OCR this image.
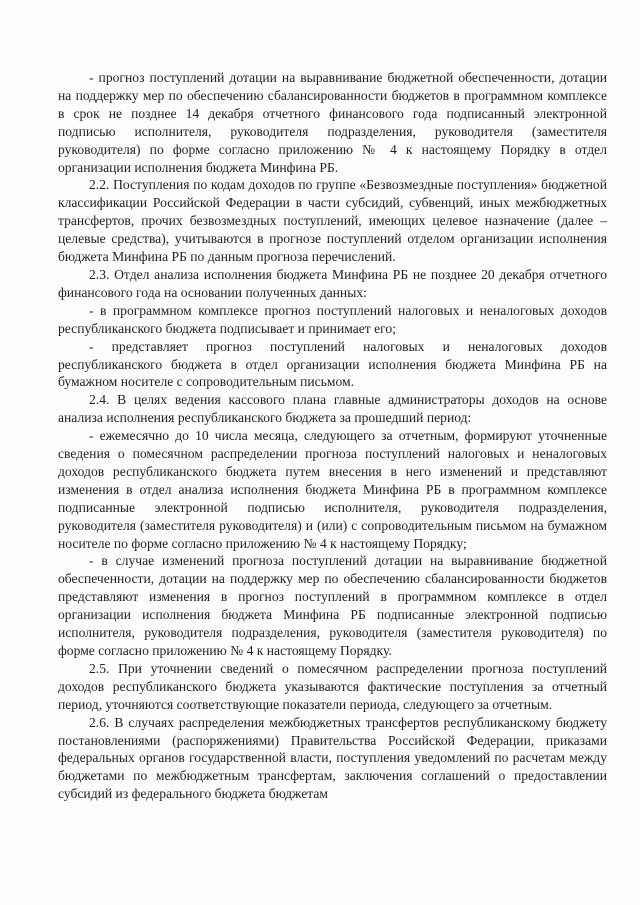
- прогноз поступлений дотации на выравнивание бюджетной обеспеченности, дотации на поддержку мер по обеспечению сбалансированности бюджетов в программном комплексе в срок не позднее 14 декабря отчетного финансового года подписанный электронной подписью исполнителя, руководителя подразделения, руководителя (заместителя руководителя) по форме согласно приложению № 4 к настоящему Порядку в отдел организации исполнения бюджета Минфина РБ.

2.2. Поступления по кодам доходов по группе «Безвозмездные поступления» бюджетной классификации Российской Федерации в части субсидий, субвенций, иных межбюджетных трансфертов, прочих безвозмездных поступлений, имеющих целевое назначение (далее – целевые средства), учитываются в прогнозе поступлений отделом организации исполнения бюджета Минфина РБ по данным прогноза перечислений.

2.3. Отдел анализа исполнения бюджета Минфина РБ не позднее 20 декабря отчетного финансового года на основании полученных данных:

- в программном комплексе прогноз поступлений налоговых и неналоговых доходов республиканского бюджета подписывает и принимает его;

- представляет прогноз поступлений налоговых и неналоговых доходов республиканского бюджета в отдел организации исполнения бюджета Минфина РБ на бумажном носителе с сопроводительным письмом.

2.4. В целях ведения кассового плана главные администраторы доходов на основе анализа исполнения республиканского бюджета за прошедший период:

- ежемесячно до 10 числа месяца, следующего за отчетным, формируют уточненные сведения о помесячном распределении прогноза поступлений налоговых и неналоговых доходов республиканского бюджета путем внесения в него изменений и представляют изменения в отдел анализа исполнения бюджета Минфина РБ в программном комплексе подписанные электронной подписью исполнителя, руководителя подразделения, руководителя (заместителя руководителя) и (или) с сопроводительным письмом на бумажном носителе по форме согласно приложению № 4 к настоящему Порядку;

- в случае изменений прогноза поступлений дотации на выравнивание бюджетной обеспеченности, дотации на поддержку мер по обеспечению сбалансированности бюджетов представляют изменения в прогноз поступлений в программном комплексе в отдел организации исполнения бюджета Минфина РБ подписанные электронной подписью исполнителя, руководителя подразделения, руководителя (заместителя руководителя) по форме согласно приложению № 4 к настоящему Порядку.

2.5. При уточнении сведений о помесячном распределении прогноза поступлений доходов республиканского бюджета указываются фактические поступления за отчетный период, уточняются соответствующие показатели периода, следующего за отчетным.

2.6. В случаях распределения межбюджетных трансфертов республиканскому бюджету постановлениями (распоряжениями) Правительства Российской Федерации, приказами федеральных органов государственной власти, поступления уведомлений по расчетам между бюджетами по межбюджетным трансфертам, заключения соглашений о предоставлении субсидий из федерального бюджета бюджетам
